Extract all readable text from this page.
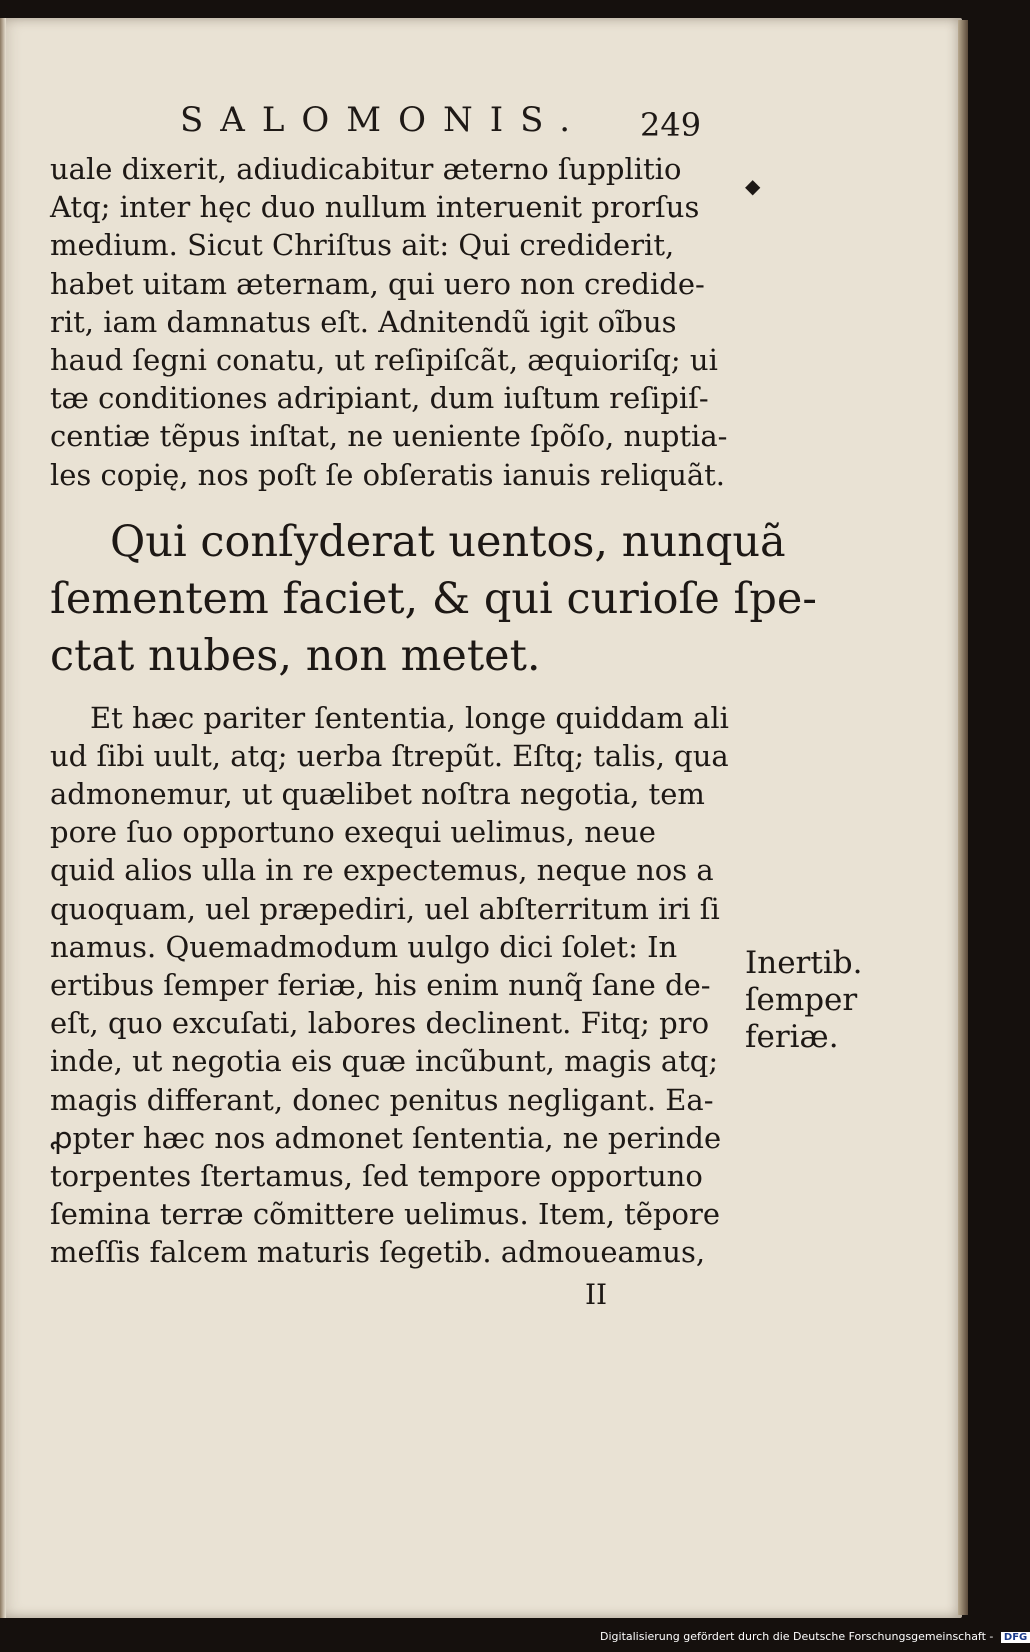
SALOMONIS. 249
◆
uale dixerit, adiudicabitur æterno ſupplitio
Atq; inter hęc duo nullum interuenit prorſus
medium. Sicut Chriſtus ait: Qui crediderit,
habet uitam æternam, qui uero non credide-
rit, iam damnatus eſt. Adnitendũ igit oĩbus
haud ſegni conatu, ut reſipiſcãt, æquioriſq; ui
tæ conditiones adripiant, dum iuſtum reſipiſ-
centiæ tẽpus inſtat, ne ueniente ſpõſo, nuptia-
les copię, nos poſt ſe obſeratis ianuis reliquãt.
Qui conſyderat uentos, nunquã
ſementem faciet, & qui curioſe ſpe-
ctat nubes, non metet.
Et hæc pariter ſententia, longe quiddam ali
ud ſibi uult, atq; uerba ſtrepũt. Eſtq; talis, qua
admonemur, ut quælibet noſtra negotia, tem
pore ſuo opportuno exequi uelimus, neue
quid alios ulla in re expectemus, neque nos a
quoquam, uel præpediri, uel abſterritum iri ſi
namus. Quemadmodum uulgo dici ſolet: In
ertibus ſemper feriæ, his enim nunq̃ ſane de-
eſt, quo excuſati, labores declinent. Fitq; pro
inde, ut negotia eis quæ incũbunt, magis atq;
magis differant, donec penitus negligant. Ea-
ꝓpter hæc nos admonet ſententia, ne perinde
torpentes ſtertamus, ſed tempore opportuno
ſemina terræ cõmittere uelimus. Item, tẽpore
meſſis falcem maturis ſegetib. admoueamus,
II
Inertib.
ſemper
feriæ.
Digitalisierung gefördert durch die Deutsche Forschungsgemeinschaft - DFG
